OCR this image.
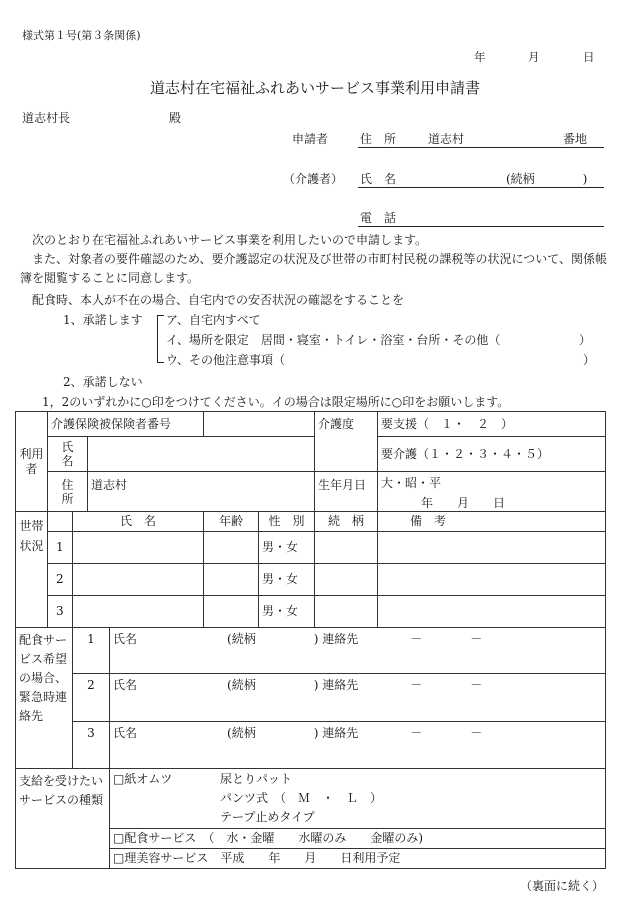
様式第１号(第３条関係)
年	月	日
道志村在宅福祉ふれあいサービス事業利用申請書
道志村長	殿
申請者	住　所	道志村	番地
（介護者） 氏　名	(続柄　　　　)
電　話
次のとおり在宅福祉ふれあいサービス事業を利用したいので申請します。
また、対象者の要件確認のため、要介護認定の状況及び世帯の市町村民税の課税等の状況について、関係帳簿を閲覧することに同意します。
配食時、本人が不在の場合、自宅内での安否状況の確認をすることを
1、承諾します ア、自宅内すべて
イ、場所を限定　居間・寝室・トイレ・浴室・台所・その他（	）
ウ、その他注意事項（	）
2、承諾しない
1，2のいずれかに○印をつけてください。イの場合は限定場所に○印をお願いします。
利用者	介護保険被保険者番号						介護度	要支援（　１・　２　）
	氏　名							要介護（１・２・３・４・５）
	住　所		道志村				生年月日	大・昭・平
年　　月　　日

世帯状況		氏　名			年齢	性　別	続　柄	備　考
	1					男・女		
	2					男・女		
	3					男・女		
配食サービス希望の場合、緊急時連絡先		1		氏名 (続柄 ) 連絡先 －　　　　－				
		2		氏名 (続柄 ) 連絡先 －　　　　－				
		3		氏名 (続柄 ) 連絡先 －　　　　－				
支給を受けたいサービスの種類				□紙オムツ 尿とりパット
パンツ式　（　Ｍ　・　Ｌ　）
テープ止めタイプ				

				□配食サービス　（　水・金曜　　水曜のみ　　金曜のみ)				
				□理美容サービス　平成　　年　　月　　日利用予定				
（裏面に続く）
